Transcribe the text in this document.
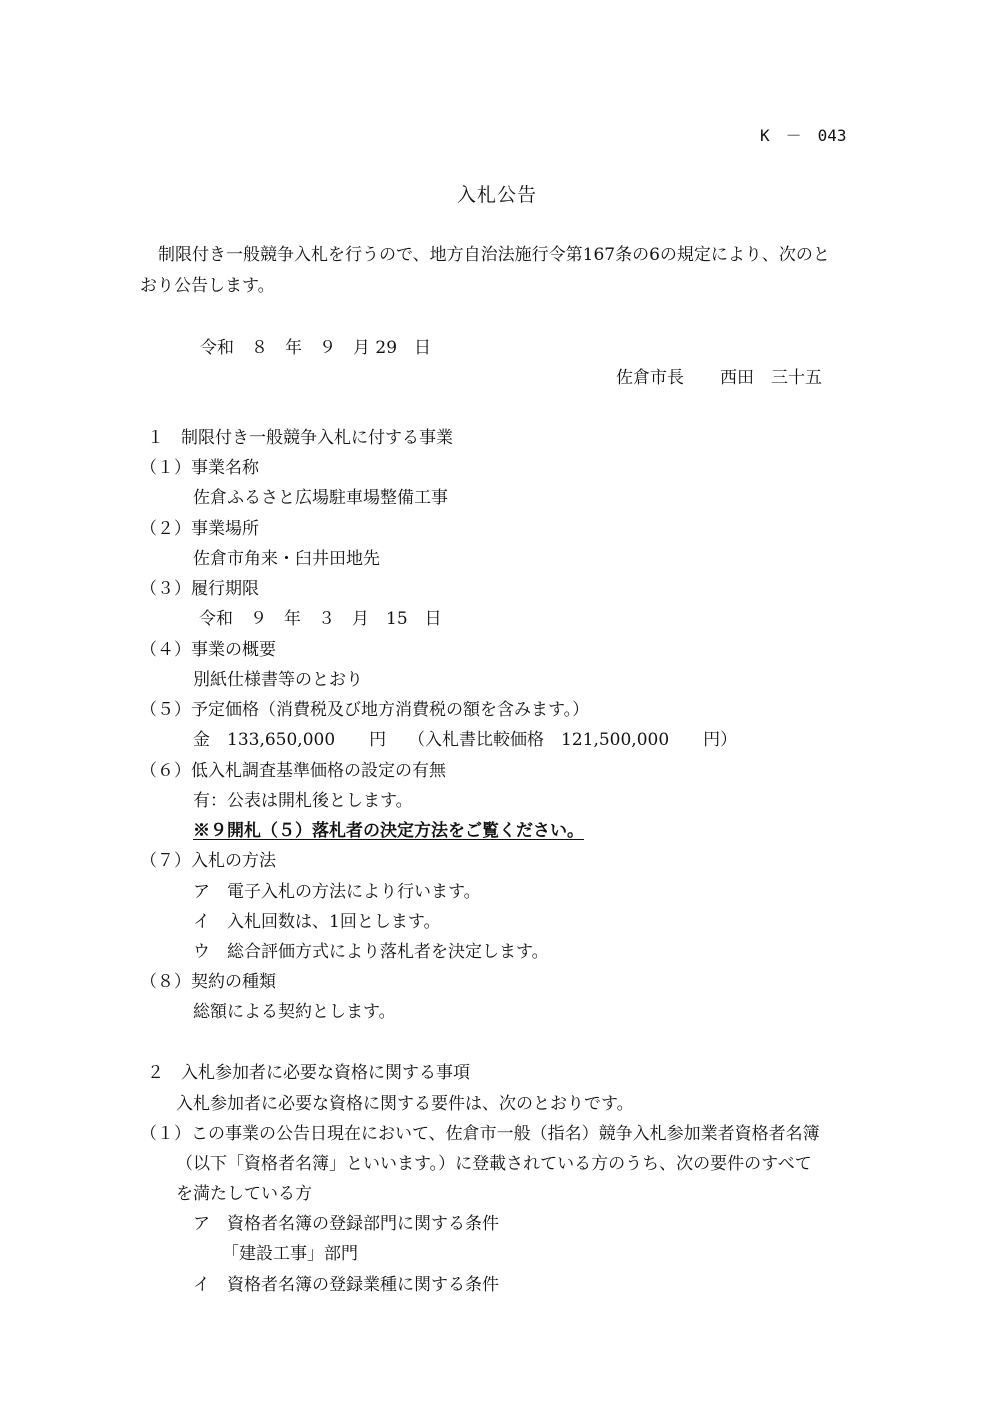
K　－　043
入札公告
制限付き一般競争入札を行うので、地方自治法施行令第167条の6の規定により、次のと
おり公告します。
令和　８　年　９　月 29　日
佐倉市長 西田　三十五
１　制限付き一般競争入札に付する事業
（１）事業名称
佐倉ふるさと広場駐車場整備工事
（２）事業場所
佐倉市角来・臼井田地先
（３）履行期限
令和　９　年　３　月　15　日
（４）事業の概要
別紙仕様書等のとおり
（５）予定価格（消費税及び地方消費税の額を含みます。）
金　133,650,000　　円 （入札書比較価格　121,500,000　　円）
（６）低入札調査基準価格の設定の有無
有：公表は開札後とします。
※９開札（５）落札者の決定方法をご覧ください。
（７）入札の方法
ア　電子入札の方法により行います。
イ　入札回数は、1回とします。
ウ　総合評価方式により落札者を決定します。
（８）契約の種類
総額による契約とします。
２　入札参加者に必要な資格に関する事項
入札参加者に必要な資格に関する要件は、次のとおりです。
（１）この事業の公告日現在において、佐倉市一般（指名）競争入札参加業者資格者名簿
（以下「資格者名簿」といいます。）に登載されている方のうち、次の要件のすべて
を満たしている方
ア　資格者名簿の登録部門に関する条件
「建設工事」部門
イ　資格者名簿の登録業種に関する条件
